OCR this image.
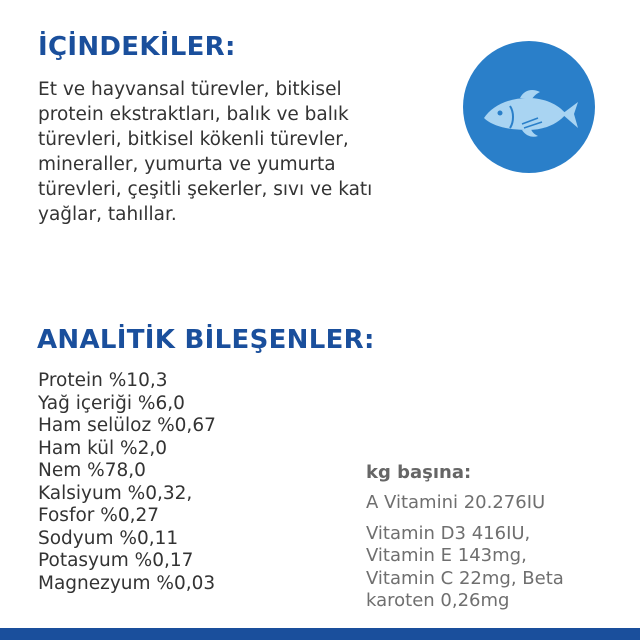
İÇİNDEKİLER:
Et ve hayvansal türevler, bitkisel
protein ekstraktları, balık ve balık
türevleri, bitkisel kökenli türevler,
mineraller, yumurta ve yumurta
türevleri, çeşitli şekerler, sıvı ve katı
yağlar, tahıllar.
ANALİTİK BİLEŞENLER:
Protein %10,3
Yağ içeriği %6,0
Ham selüloz %0,67
Ham kül %2,0
Nem %78,0
Kalsiyum %0,32,
Fosfor %0,27
Sodyum %0,11
Potasyum %0,17
Magnezyum %0,03
kg başına:
A Vitamini 20.276IU
Vitamin D3 416IU,
Vitamin E 143mg,
Vitamin C 22mg, Beta
karoten 0,26mg
